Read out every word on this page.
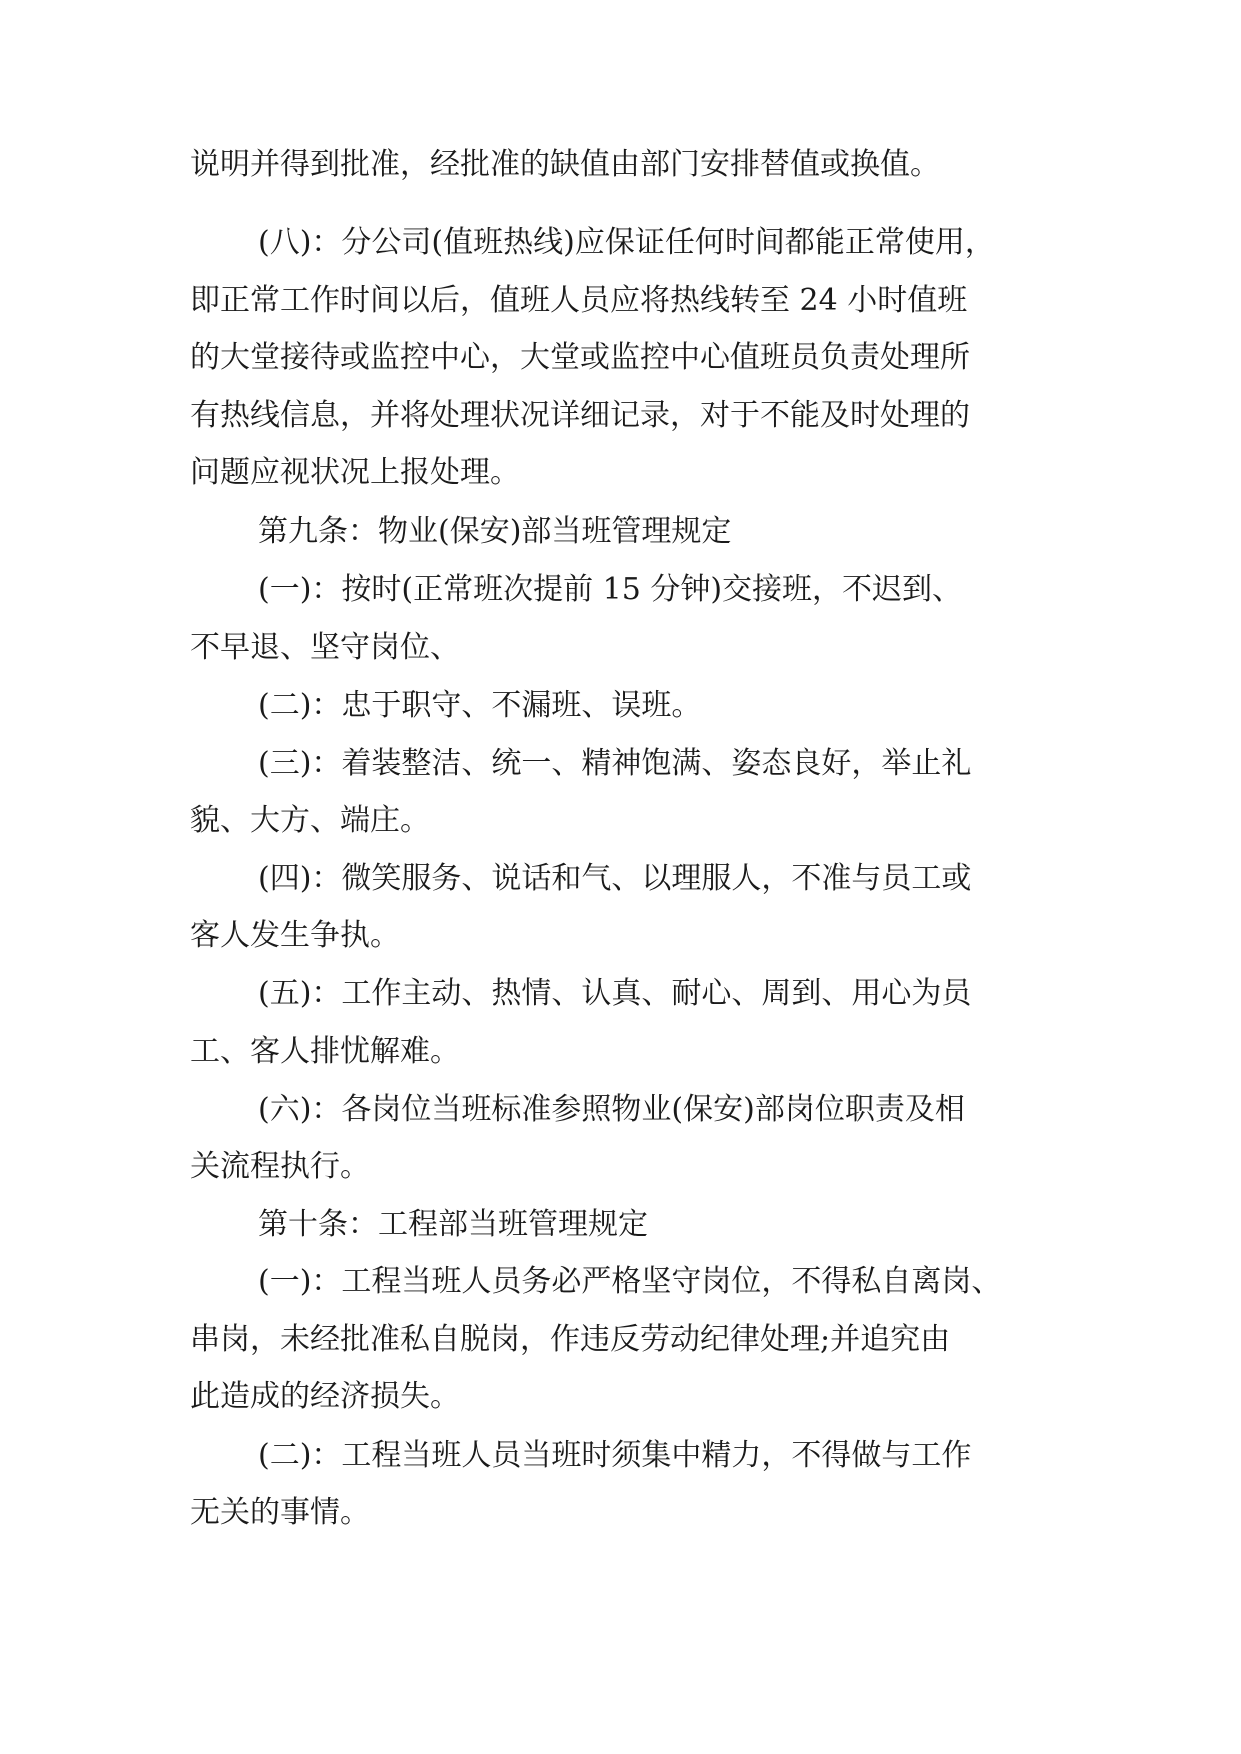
说明并得到批准，经批准的缺值由部门安排替值或换值。
(八)：分公司(值班热线)应保证任何时间都能正常使用，
即正常工作时间以后，值班人员应将热线转至 24 小时值班
的大堂接待或监控中心，大堂或监控中心值班员负责处理所
有热线信息，并将处理状况详细记录，对于不能及时处理的
问题应视状况上报处理。
第九条：物业(保安)部当班管理规定
(一)：按时(正常班次提前 15 分钟)交接班，不迟到、
不早退、坚守岗位、
(二)：忠于职守、不漏班、误班。
(三)：着装整洁、统一、精神饱满、姿态良好，举止礼
貌、大方、端庄。
(四)：微笑服务、说话和气、以理服人，不准与员工或
客人发生争执。
(五)：工作主动、热情、认真、耐心、周到、用心为员
工、客人排忧解难。
(六)：各岗位当班标准参照物业(保安)部岗位职责及相
关流程执行。
第十条：工程部当班管理规定
(一)：工程当班人员务必严格坚守岗位，不得私自离岗、
串岗，未经批准私自脱岗，作违反劳动纪律处理;并追究由
此造成的经济损失。
(二)：工程当班人员当班时须集中精力，不得做与工作
无关的事情。
